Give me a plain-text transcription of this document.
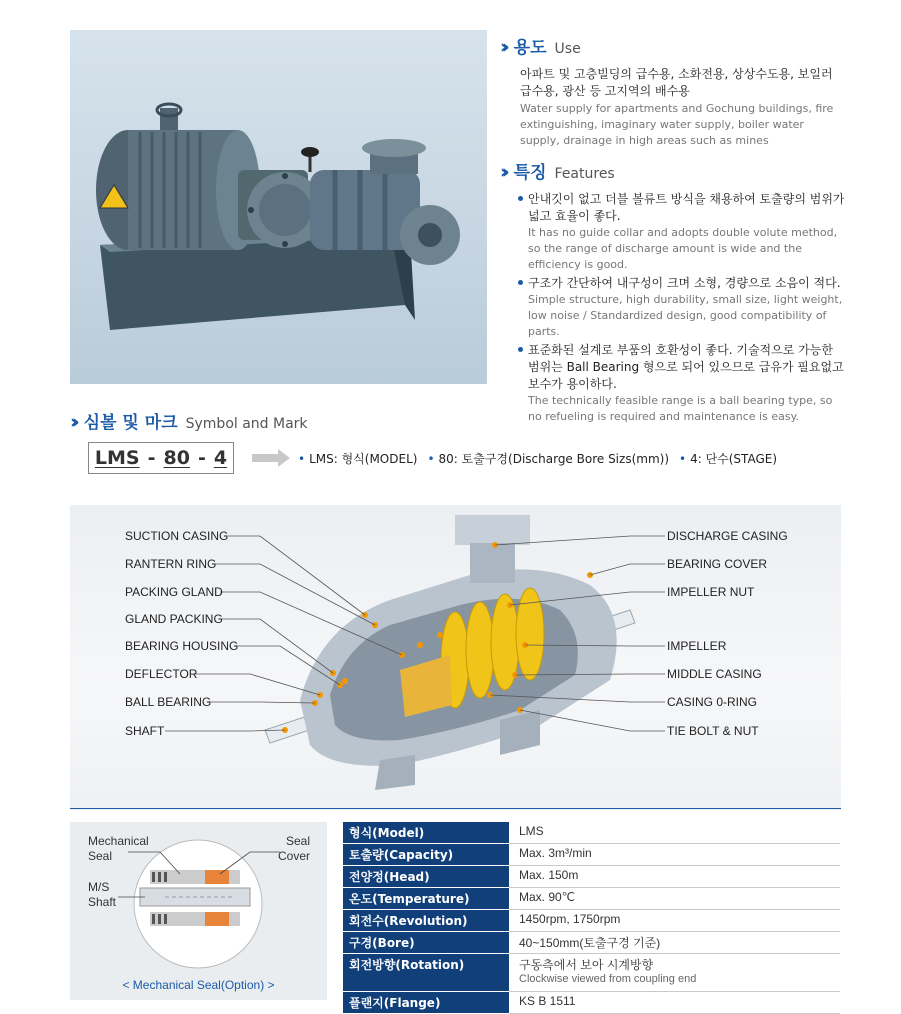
›› 용도 Use
아파트 및 고층빌딩의 급수용, 소화전용, 상상수도용, 보일러 급수용, 광산 등 고지역의 배수용
Water supply for apartments and Gochung buildings, fire extinguishing, imaginary water supply, boiler water supply, drainage in high areas such as mines
›› 특징 Features
안내깃이 없고 더블 볼류트 방식을 채용하여 토출량의 범위가 넓고 효율이 좋다.
It has no guide collar and adopts double volute method, so the range of discharge amount is wide and the efficiency is good.
구조가 간단하여 내구성이 크며 소형, 경량으로 소음이 적다.
Simple structure, high durability, small size, light weight, low noise / Standardized design, good compatibility of parts.
표준화된 설계로 부품의 호환성이 좋다. 기술적으로 가능한 범위는 Ball Bearing 형으로 되어 있으므로 급유가 필요없고 보수가 용이하다.
The technically feasible range is a ball bearing type, so no refueling is required and maintenance is easy.
›› 심볼 및 마크 Symbol and Mark
LMS - 80 - 4	• LMS: 형식(MODEL)	• 80: 토출구경(Discharge Bore Sizs(mm))	• 4: 단수(STAGE)
SUCTION CASING
RANTERN RING
PACKING GLAND
GLAND PACKING
BEARING HOUSING
DEFLECTOR
BALL BEARING
SHAFT
DISCHARGE CASING
BEARING COVER
IMPELLER NUT
IMPELLER
MIDDLE CASING
CASING 0-RING
TIE BOLT & NUT
Mechanical
Seal
Seal
Cover
M/S
Shaft
< Mechanical Seal(Option) >
형식(Model)	LMS
토출량(Capacity)	Max. 3m³/min
전양정(Head)	Max. 150m
온도(Temperature)	Max. 90℃
회전수(Revolution)	1450rpm, 1750rpm
구경(Bore)	40~150mm(토출구경 기준)
회전방향(Rotation)	구동측에서 보아 시계방향
Clockwise viewed from coupling end

플랜지(Flange)	KS B 1511
